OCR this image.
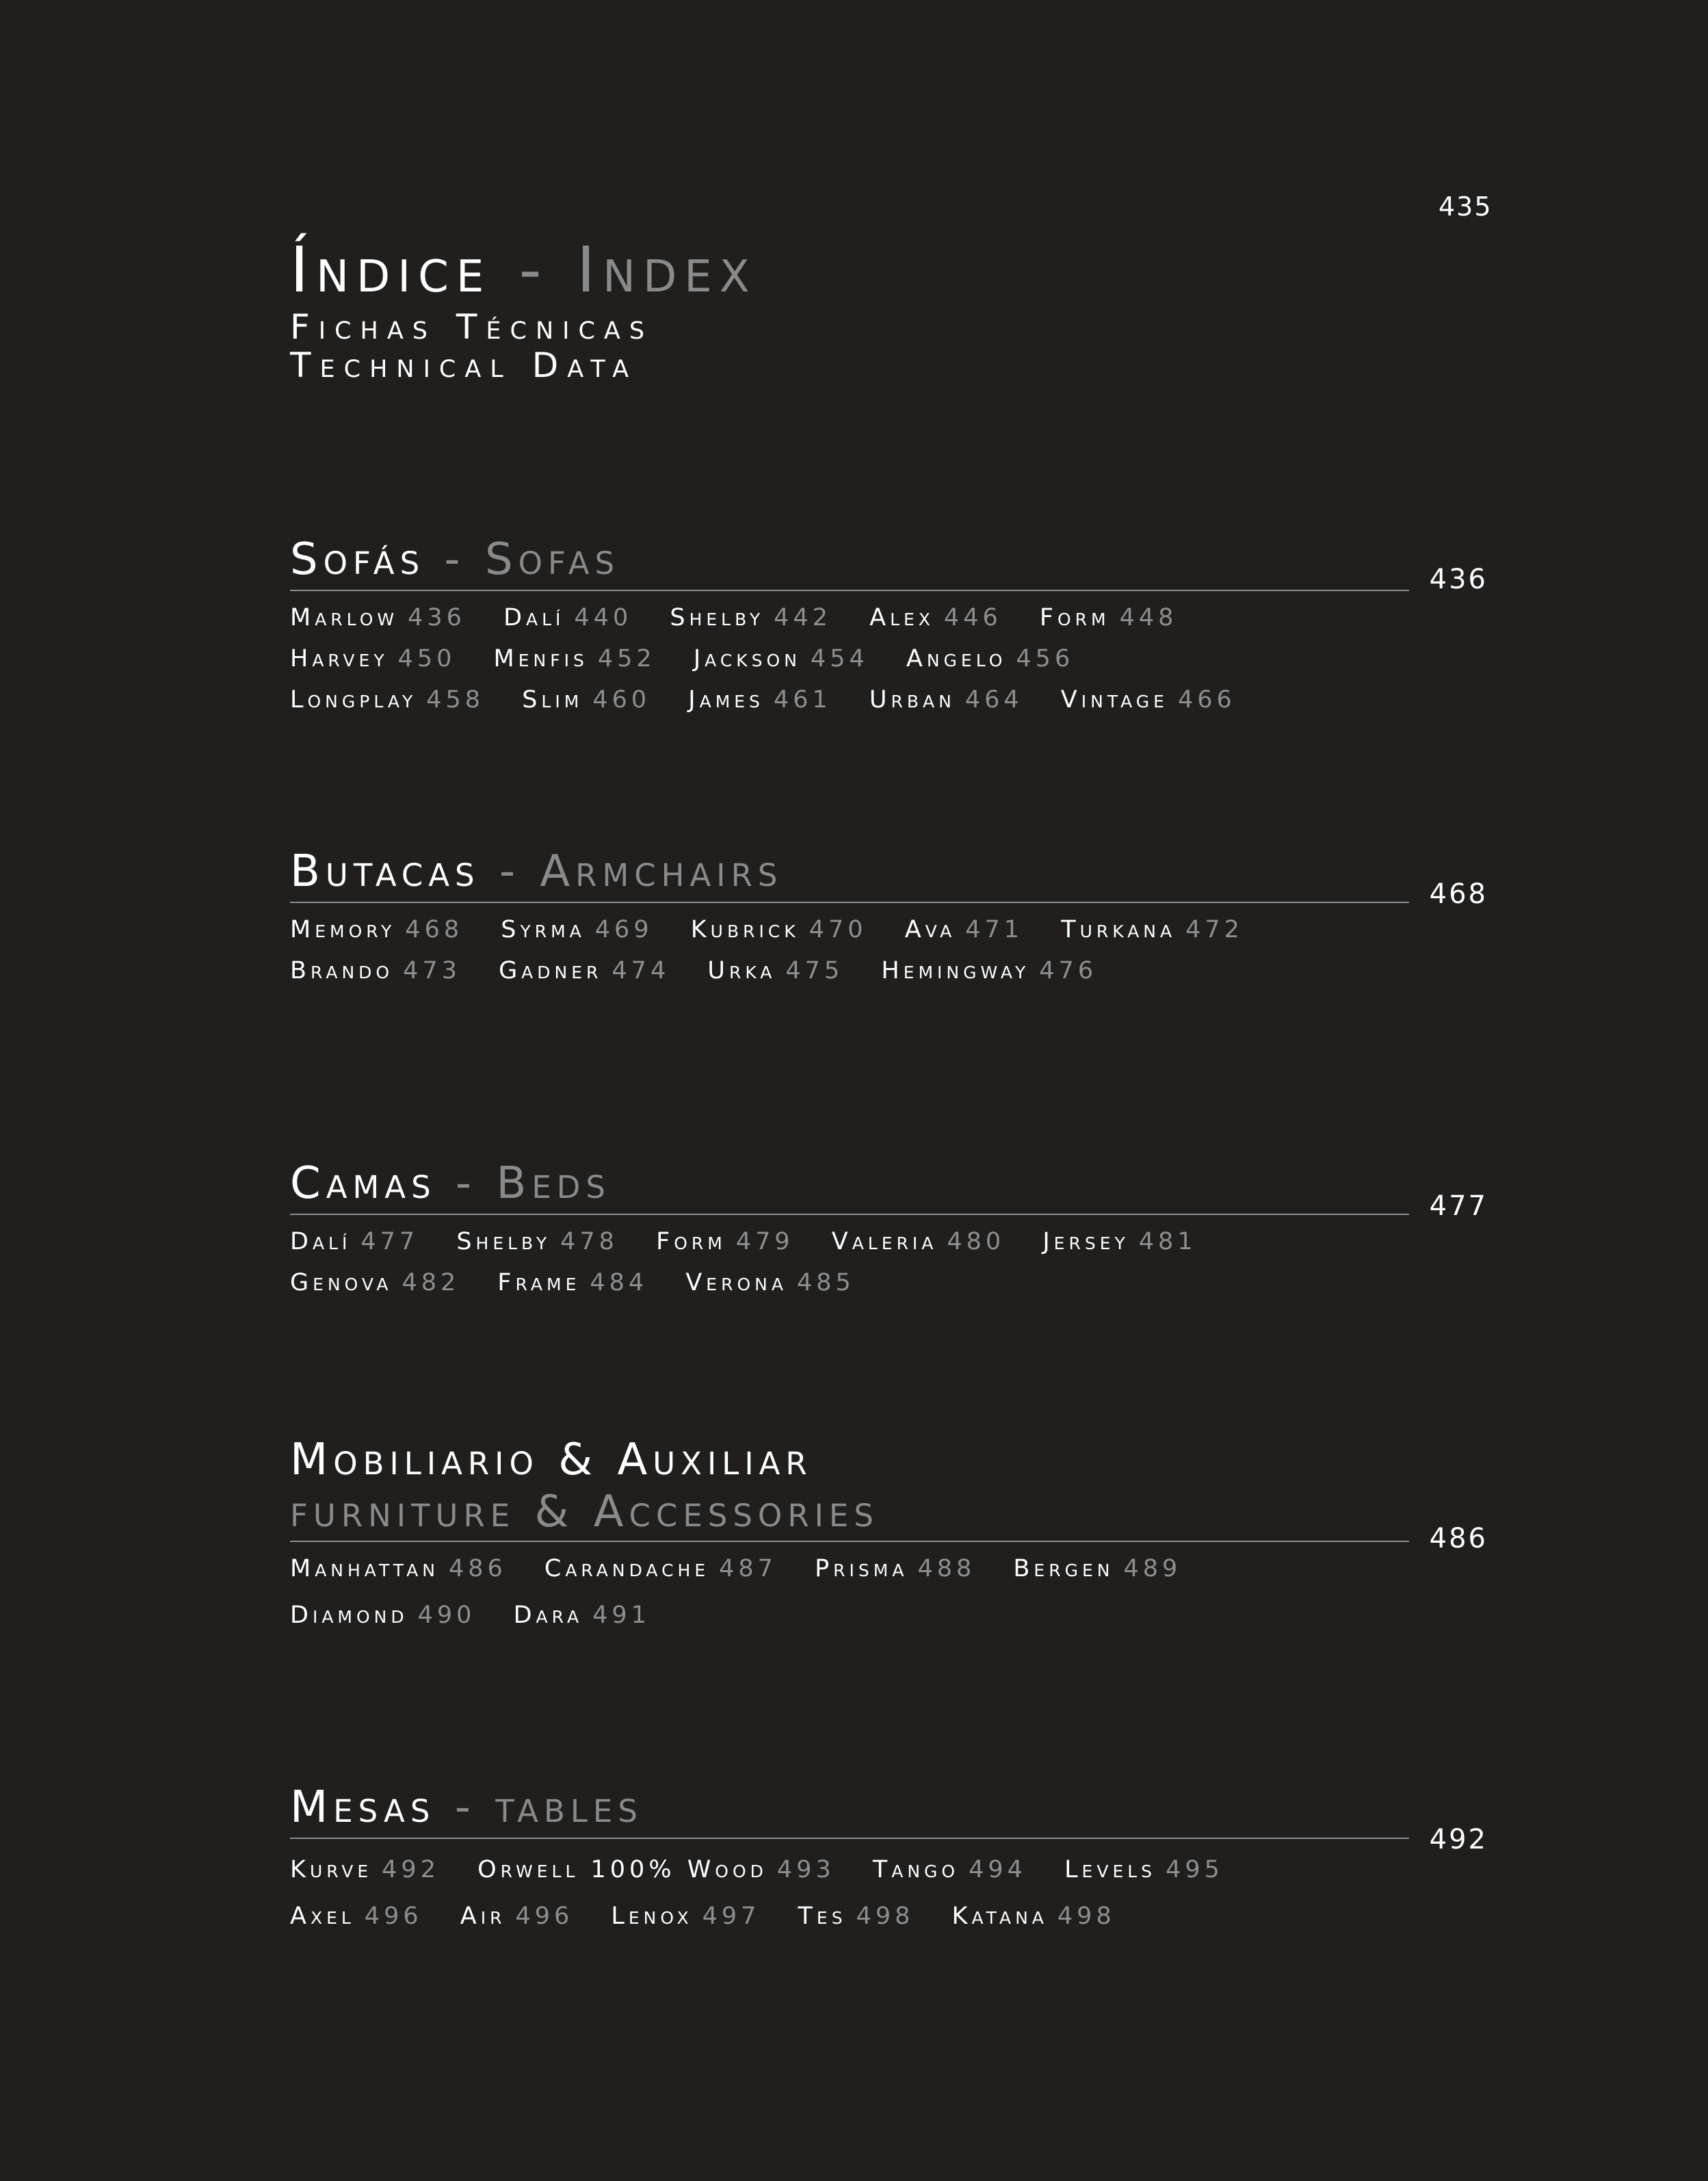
435
Índice - Index
Fichas Técnicas
Technical Data
Sofás - Sofas
Marlow 436 Dalí 440 Shelby 442 Alex 446 Form 448
Harvey 450 Menfis 452 Jackson 454 Angelo 456
Longplay 458 Slim 460 James 461 Urban 464 Vintage 466
436
Butacas - Armchairs
Memory 468 Syrma 469 Kubrick 470 Ava 471 Turkana 472
Brando 473 Gadner 474 Urka 475 Hemingway 476
468
Camas - Beds
Dalí 477 Shelby 478 Form 479 Valeria 480 Jersey 481
Genova 482 Frame 484 Verona 485
477
Mobiliario & Auxiliar
furniture & Accessories
Manhattan 486 Carandache 487 Prisma 488 Bergen 489
Diamond 490 Dara 491
486
Mesas - tables
Kurve 492 Orwell 100% Wood 493 Tango 494 Levels 495
Axel 496 Air 496 Lenox 497 Tes 498 Katana 498
492
